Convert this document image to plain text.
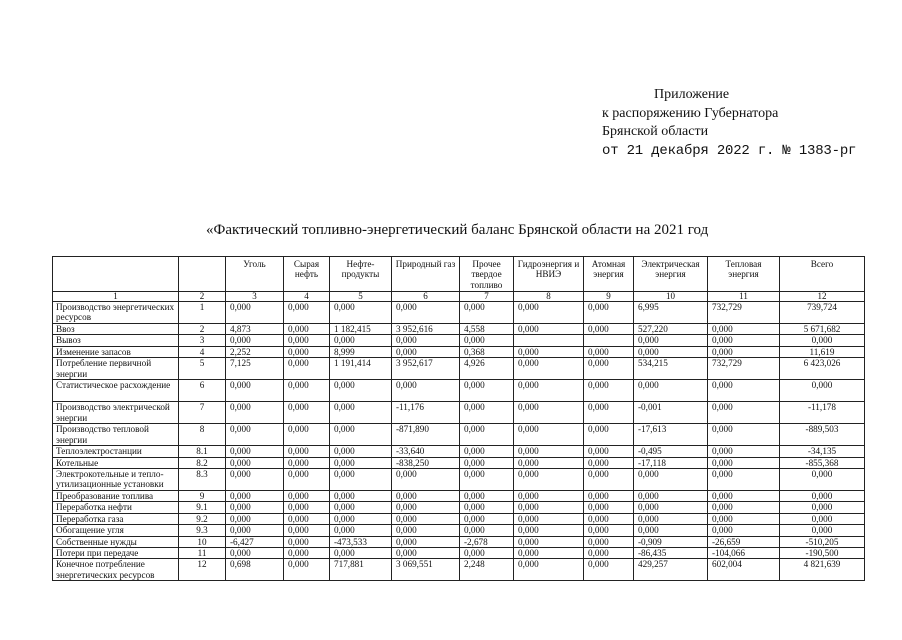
Приложение
к распоряжению Губернатора
Брянской области
от 21 декабря 2022 г. № 1383-рг
«Фактический топливно-энергетический баланс Брянской области на 2021 год
		Уголь	Сырая нефть	Нефте-продукты	Природный газ	Прочее твердое топливо	Гидроэнергия и НВИЭ	Атомная энергия	Электрическая энергия	Тепловая энергия	Всего
1	2	3	4	5	6	7	8	9	10	11	12
Производство энергетических ресурсов	1	0,000	0,000	0,000	0,000	0,000	0,000	0,000	6,995	732,729	739,724
Ввоз	2	4,873	0,000	1 182,415	3 952,616	4,558	0,000	0,000	527,220	0,000	5 671,682
Вывоз	3	0,000	0,000	0,000	0,000	0,000			0,000	0,000	0,000
Изменение запасов	4	2,252	0,000	8,999	0,000	0,368	0,000	0,000	0,000	0,000	11,619
Потребление первичной энергии	5	7,125	0,000	1 191,414	3 952,617	4,926	0,000	0,000	534,215	732,729	6 423,026
Статистическое расхождение	6	0,000	0,000	0,000	0,000	0,000	0,000	0,000	0,000	0,000	0,000
Производство электрической энергии	7	0,000	0,000	0,000	-11,176	0,000	0,000	0,000	-0,001	0,000	-11,178
Производство тепловой энергии	8	0,000	0,000	0,000	-871,890	0,000	0,000	0,000	-17,613	0,000	-889,503
Теплоэлектростанции	8.1	0,000	0,000	0,000	-33,640	0,000	0,000	0,000	-0,495	0,000	-34,135
Котельные	8.2	0,000	0,000	0,000	-838,250	0,000	0,000	0,000	-17,118	0,000	-855,368
Электрокотельные и тепло-утилизационные установки	8.3	0,000	0,000	0,000	0,000	0,000	0,000	0,000	0,000	0,000	0,000
Преобразование топлива	9	0,000	0,000	0,000	0,000	0,000	0,000	0,000	0,000	0,000	0,000
Переработка нефти	9.1	0,000	0,000	0,000	0,000	0,000	0,000	0,000	0,000	0,000	0,000
Переработка газа	9.2	0,000	0,000	0,000	0,000	0,000	0,000	0,000	0,000	0,000	0,000
Обогащение угля	9.3	0,000	0,000	0,000	0,000	0,000	0,000	0,000	0,000	0,000	0,000
Собственные нужды	10	-6,427	0,000	-473,533	0,000	-2,678	0,000	0,000	-0,909	-26,659	-510,205
Потери при передаче	11	0,000	0,000	0,000	0,000	0,000	0,000	0,000	-86,435	-104,066	-190,500
Конечное потребление энергетических ресурсов	12	0,698	0,000	717,881	3 069,551	2,248	0,000	0,000	429,257	602,004	4 821,639
